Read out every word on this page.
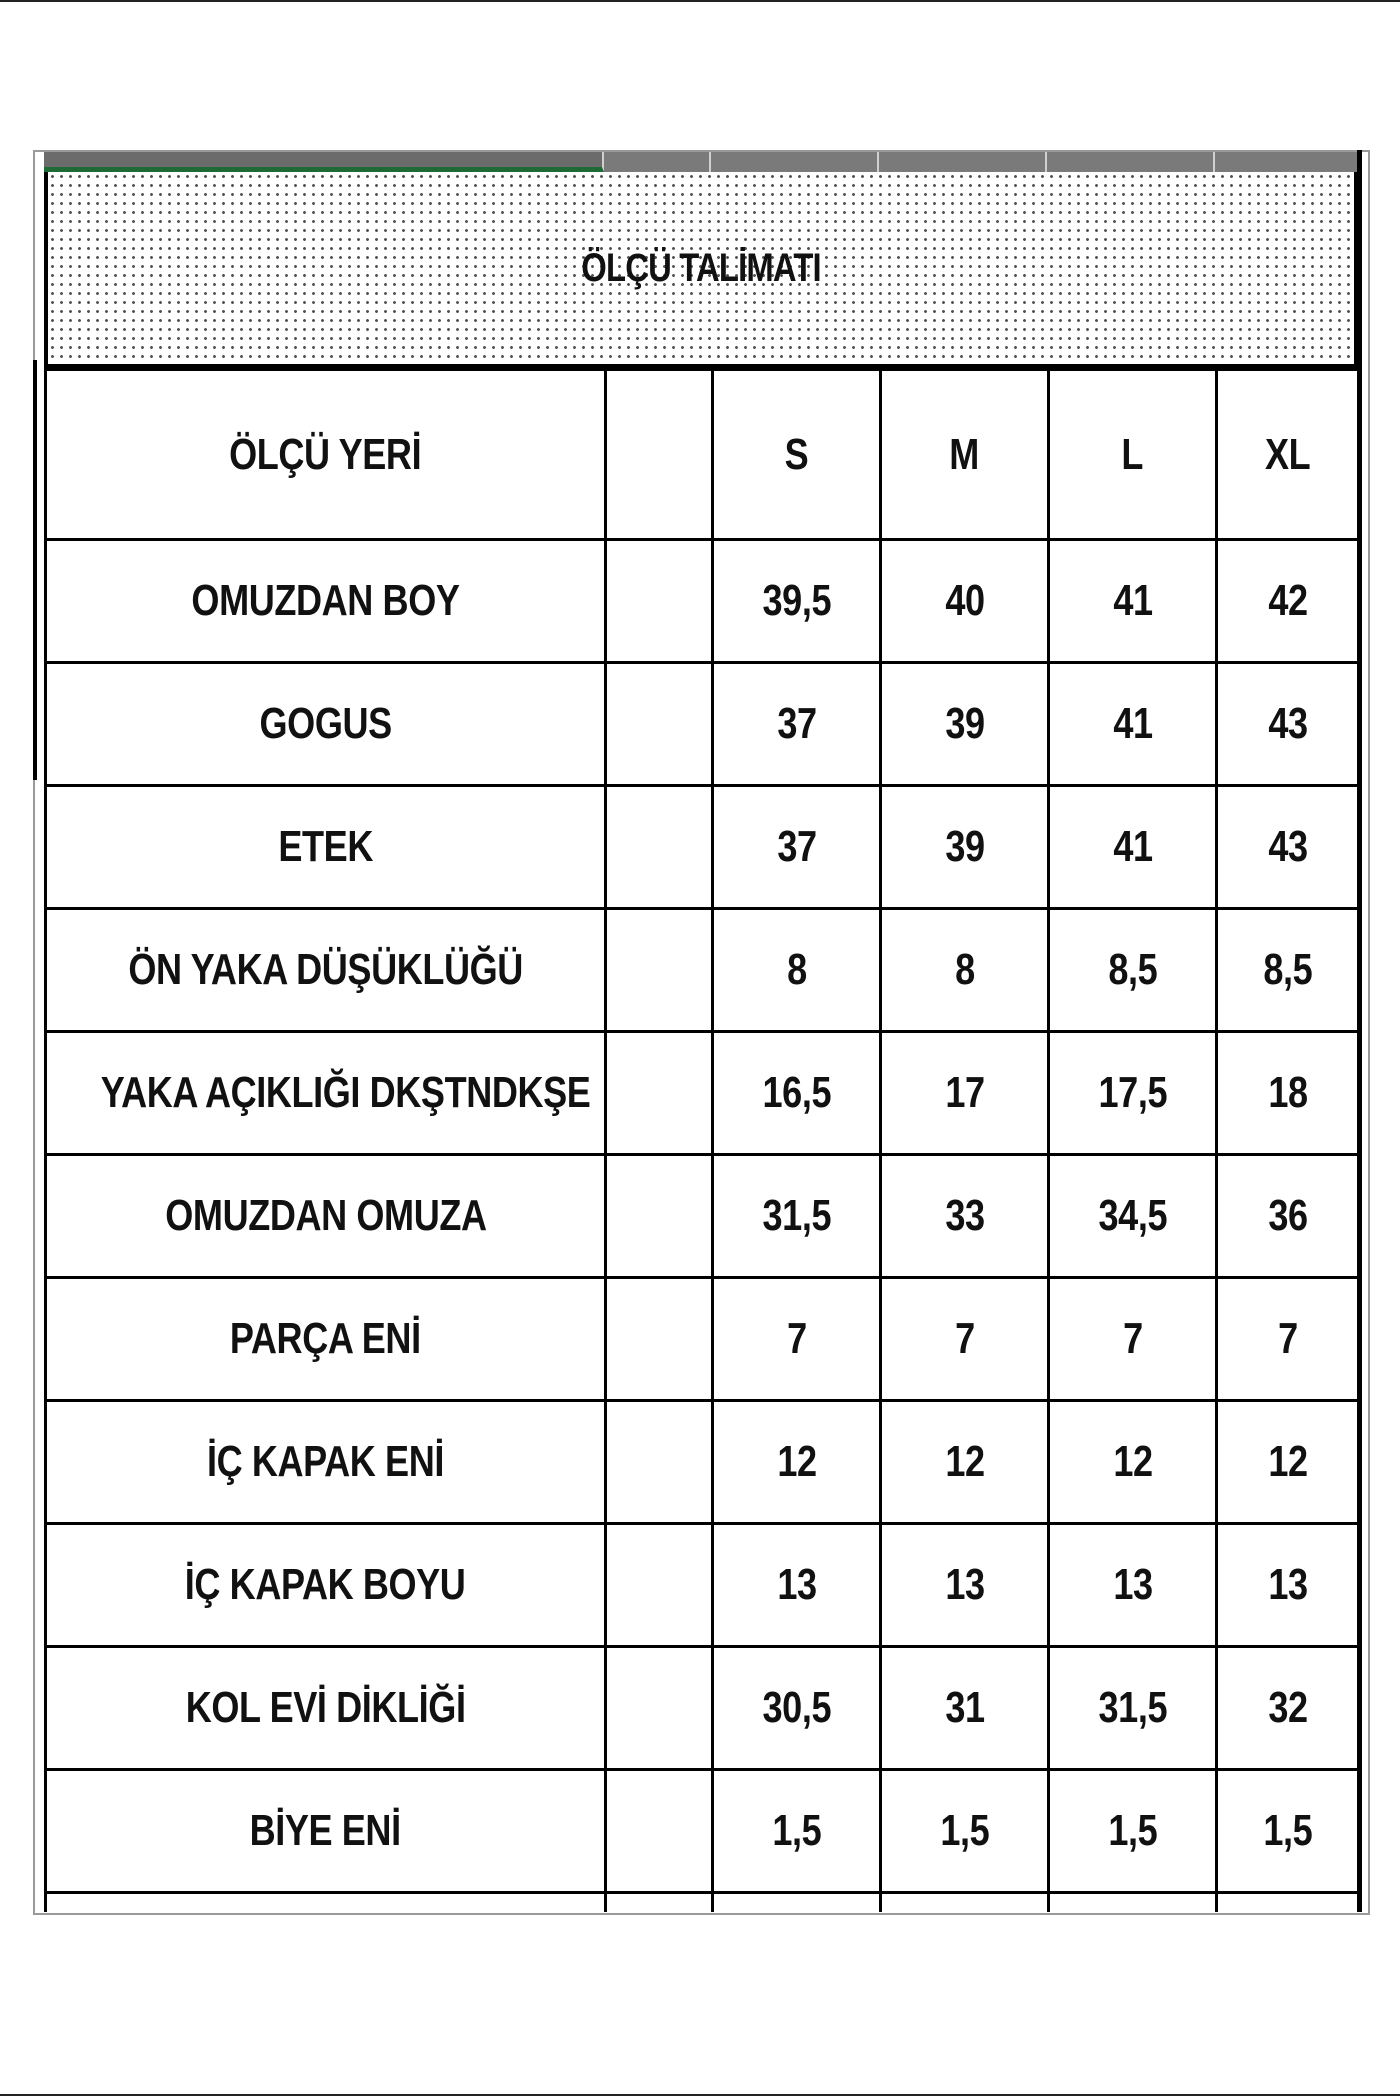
ÖLÇÜ TALİMATI
ÖLÇÜ YERİ		S	M	L	XL
OMUZDAN BOY		39,5	40	41	42
GOGUS		37	39	41	43
ETEK		37	39	41	43
ÖN YAKA DÜŞÜKLÜĞÜ		8	8	8,5	8,5
YAKA AÇIKLIĞI DKŞTNDKŞE		16,5	17	17,5	18
OMUZDAN OMUZA		31,5	33	34,5	36
PARÇA ENİ		7	7	7	7
İÇ KAPAK ENİ		12	12	12	12
İÇ KAPAK BOYU		13	13	13	13
KOL EVİ DİKLİĞİ		30,5	31	31,5	32
BİYE ENİ		1,5	1,5	1,5	1,5
